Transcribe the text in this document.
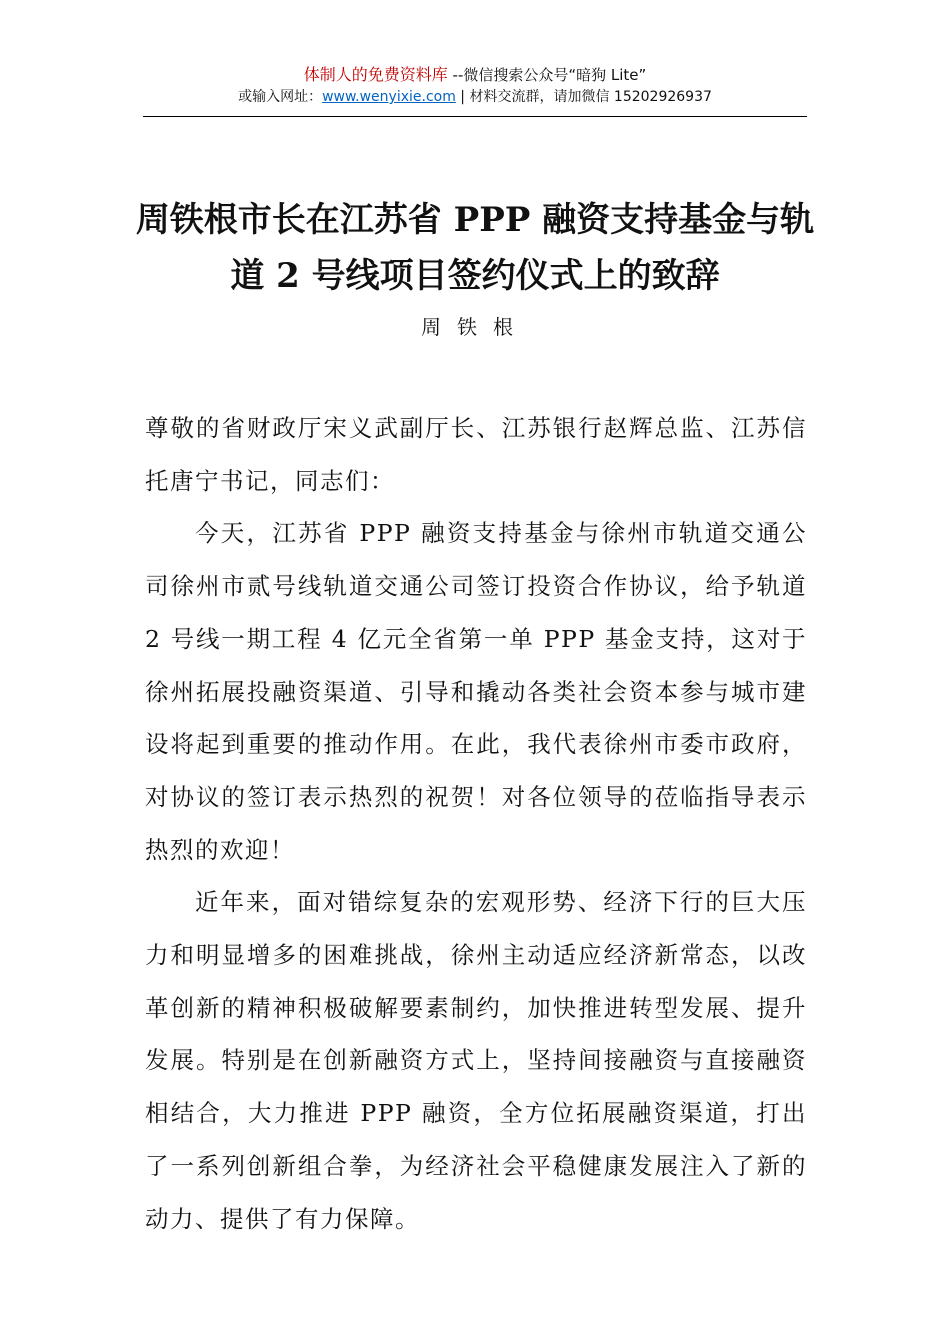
体制人的免费资料库 --微信搜索公众号“暗狗 Lite”
或输入网址：www.wenyixie.com | 材料交流群，请加微信 15202926937
周铁根市长在江苏省 PPP 融资支持基金与轨道 2 号线项目签约仪式上的致辞
周铁根

尊敬的省财政厅宋义武副厅长、江苏银行赵辉总监、江苏信托唐宁书记，同志们：

今天，江苏省 PPP 融资支持基金与徐州市轨道交通公司徐州市贰号线轨道交通公司签订投资合作协议，给予轨道 2 号线一期工程 4 亿元全省第一单 PPP 基金支持，这对于徐州拓展投融资渠道、引导和撬动各类社会资本参与城市建设将起到重要的推动作用。在此，我代表徐州市委市政府，对协议的签订表示热烈的祝贺！对各位领导的莅临指导表示热烈的欢迎！

近年来，面对错综复杂的宏观形势、经济下行的巨大压力和明显增多的困难挑战，徐州主动适应经济新常态，以改革创新的精神积极破解要素制约，加快推进转型发展、提升发展。特别是在创新融资方式上，坚持间接融资与直接融资相结合，大力推进 PPP 融资，全方位拓展融资渠道，打出了一系列创新组合拳，为经济社会平稳健康发展注入了新的动力、提供了有力保障。
